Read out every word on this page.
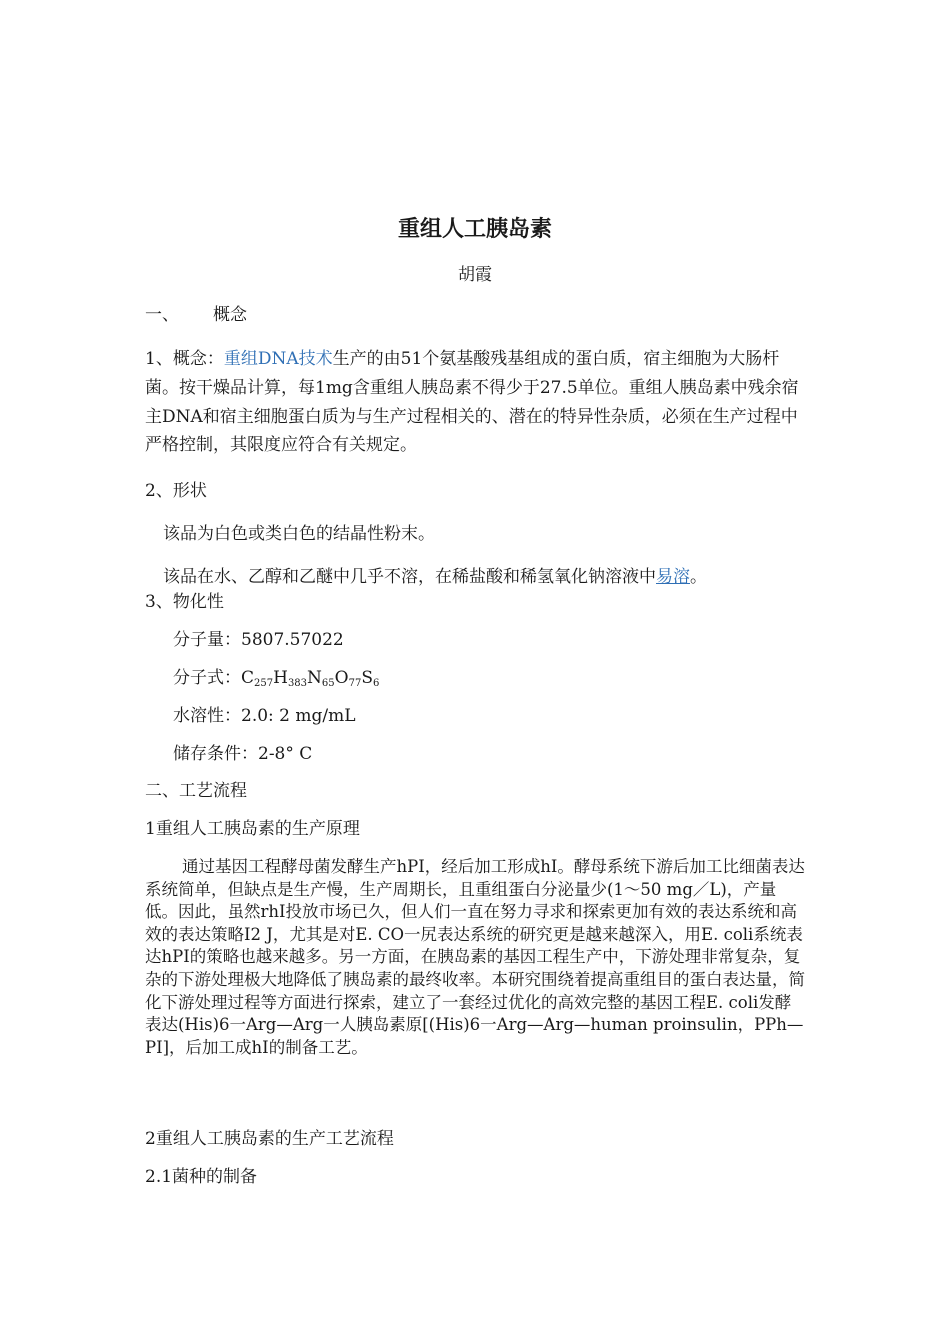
重组人工胰岛素
胡霞
一、 概念
1、概念：重组DNA技术生产的由51个氨基酸残基组成的蛋白质，宿主细胞为大肠杆菌。按干燥品计算，每1mg含重组人胰岛素不得少于27.5单位。重组人胰岛素中残余宿主DNA和宿主细胞蛋白质为与生产过程相关的、潜在的特异性杂质，必须在生产过程中严格控制，其限度应符合有关规定。
2、形状
该品为白色或类白色的结晶性粉末。
该品在水、乙醇和乙醚中几乎不溶，在稀盐酸和稀氢氧化钠溶液中易溶。
3、物化性
分子量：5807.57022
分子式：$C_{257}H_{383}N_{65}O_{77}S_6$
水溶性：2.0: 2 mg/mL
储存条件：2-8° C
二、工艺流程
1重组人工胰岛素的生产原理
通过基因工程酵母菌发酵生产hPI，经后加工形成hI。酵母系统下游后加工比细菌表达系统简单，但缺点是生产慢，生产周期长，且重组蛋白分泌量少(1～50 mg／L)，产量低。因此，虽然rhI投放市场已久，但人们一直在努力寻求和探索更加有效的表达系统和高效的表达策略I2 J，尤其是对E. CO一尻表达系统的研究更是越来越深入，用E. coli系统表达hPI的策略也越来越多。另一方面，在胰岛素的基因工程生产中，下游处理非常复杂，复杂的下游处理极大地降低了胰岛素的最终收率。本研究围绕着提高重组目的蛋白表达量，简化下游处理过程等方面进行探索，建立了一套经过优化的高效完整的基因工程E. coli发酵表达(His)6一Arg—Arg一人胰岛素原[(His)6一Arg—Arg—human proinsulin，PPh—PI]，后加工成hI的制备工艺。
2重组人工胰岛素的生产工艺流程
2.1菌种的制备
